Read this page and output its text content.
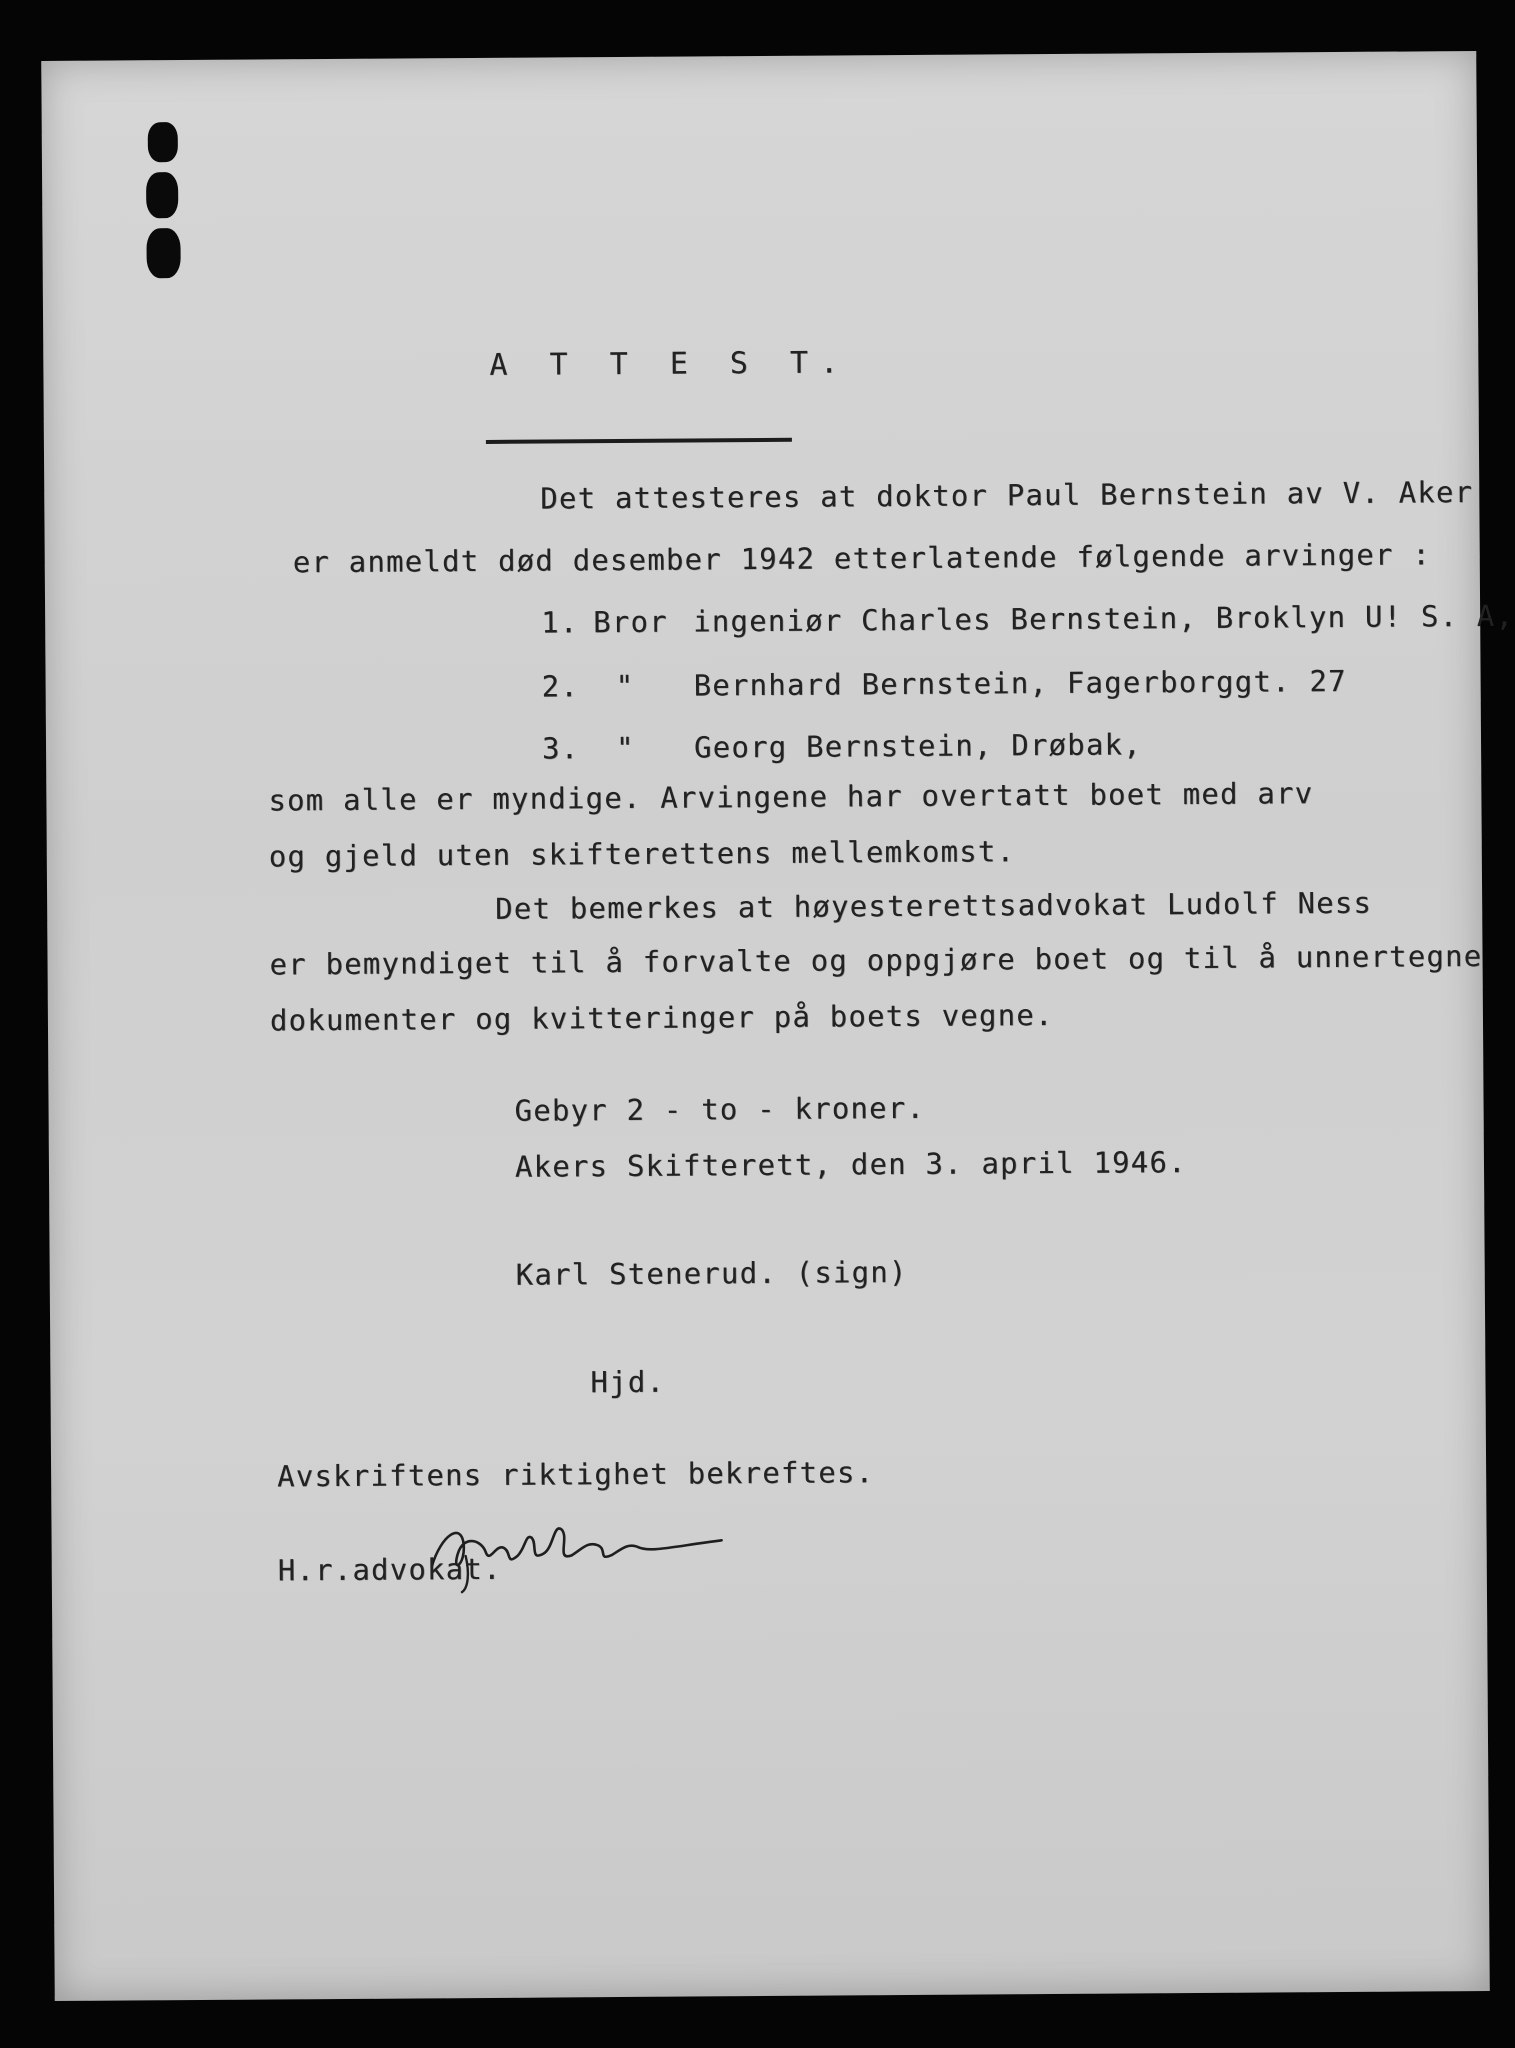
A T T E S T.
Det attesteres at doktor Paul Bernstein av V. Aker
er anmeldt død desember 1942 etterlatende følgende arvinger :
1. Bror ingeniør Charles Bernstein, Broklyn U! S. A,
2. " Bernhard Bernstein, Fagerborggt. 27
3. " Georg Bernstein, Drøbak,
som alle er myndige. Arvingene har overtatt boet med arv
og gjeld uten skifterettens mellemkomst.
Det bemerkes at høyesterettsadvokat Ludolf Ness
er bemyndiget til å forvalte og oppgjøre boet og til å unnertegne
dokumenter og kvitteringer på boets vegne.
Gebyr 2 - to - kroner.
Akers Skifterett, den 3. april 1946.
Karl Stenerud. (sign)
Hjd.
Avskriftens riktighet bekreftes.
H.r.advokat.
